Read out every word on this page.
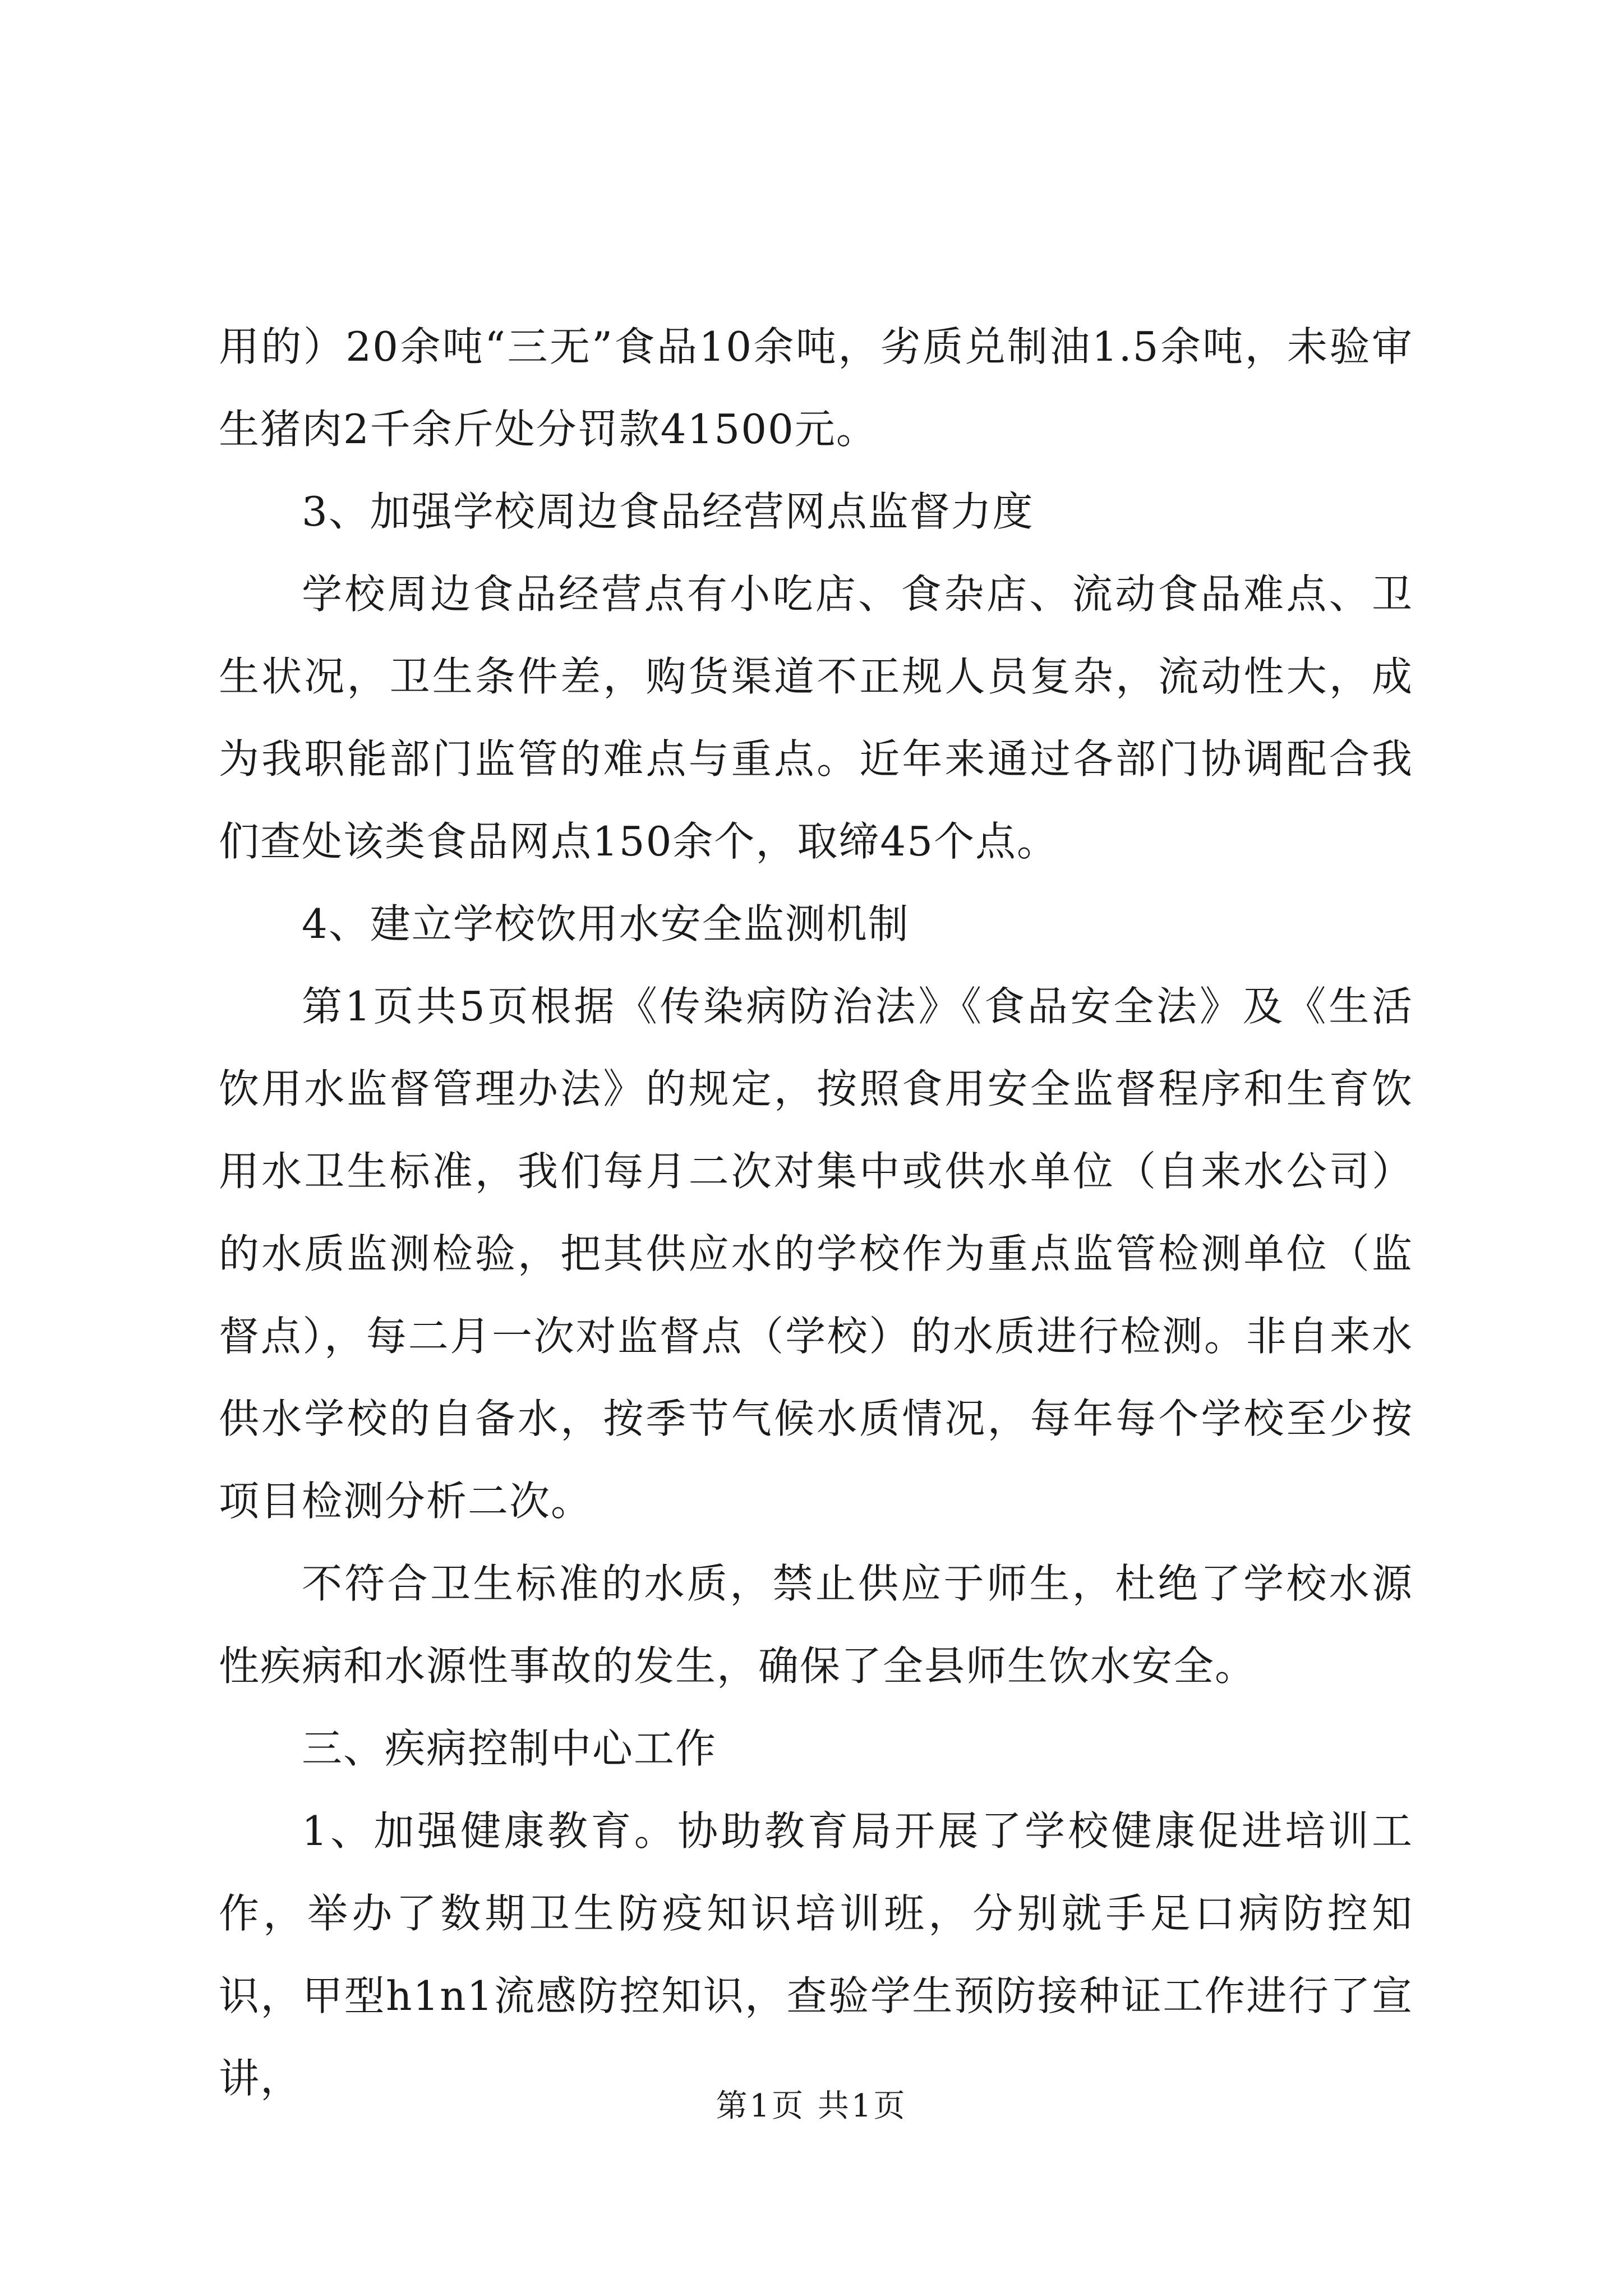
用的）20余吨“三无”食品10余吨，劣质兑制油1.5余吨，未验审生猪肉2千余斤处分罚款41500元。

3、加强学校周边食品经营网点监督力度

学校周边食品经营点有小吃店、食杂店、流动食品难点、卫生状况，卫生条件差，购货渠道不正规人员复杂，流动性大，成为我职能部门监管的难点与重点。近年来通过各部门协调配合我们查处该类食品网点150余个，取缔45个点。

4、建立学校饮用水安全监测机制

第1页共5页根据《传染病防治法》《食品安全法》及《生活饮用水监督管理办法》的规定，按照食用安全监督程序和生育饮用水卫生标准，我们每月二次对集中或供水单位（自来水公司）的水质监测检验，把其供应水的学校作为重点监管检测单位（监督点），每二月一次对监督点（学校）的水质进行检测。非自来水供水学校的自备水，按季节气候水质情况，每年每个学校至少按项目检测分析二次。

不符合卫生标准的水质，禁止供应于师生，杜绝了学校水源性疾病和水源性事故的发生，确保了全县师生饮水安全。

三、疾病控制中心工作

1、加强健康教育。协助教育局开展了学校健康促进培训工作，举办了数期卫生防疫知识培训班，分别就手足口病防控知识，甲型h1n1流感防控知识，查验学生预防接种证工作进行了宣讲，

第1页 共1页
